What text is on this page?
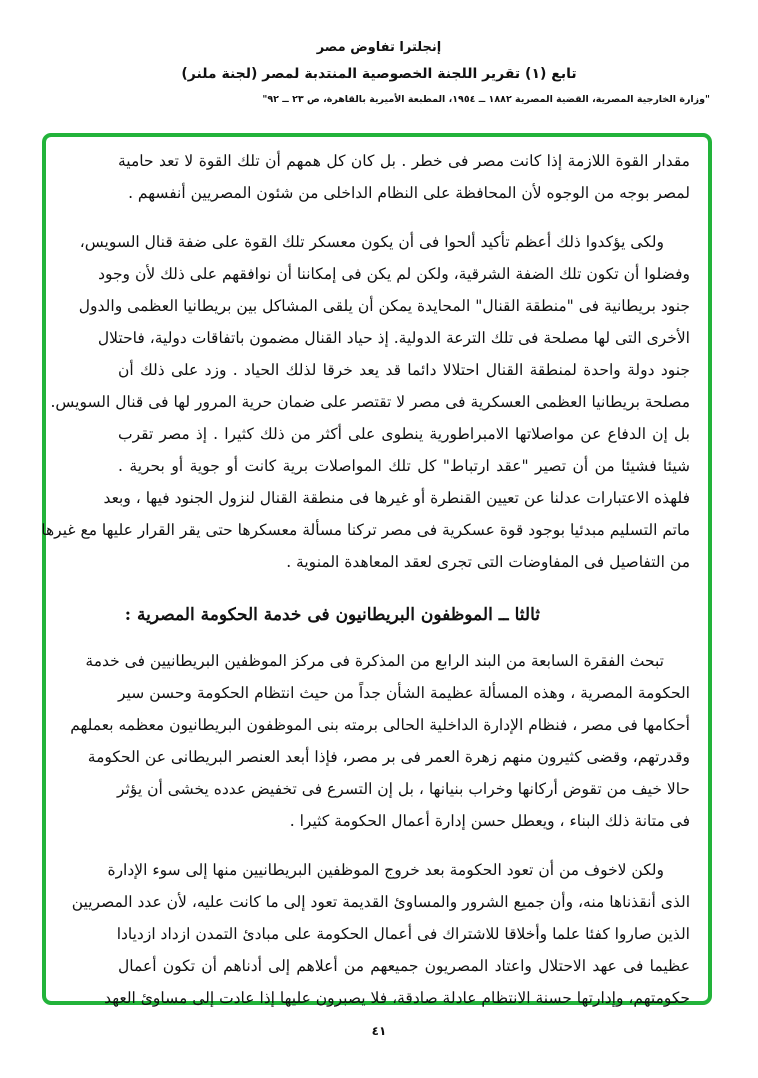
إنجلترا تفاوض مصر
تابع (١) تقرير اللجنة الخصوصية المنتدبة لمصر (لجنة ملنر)
"وزارة الخارجية المصرية، القضية المصرية ١٨٨٢ ــ ١٩٥٤، المطبعة الأميرية بالقاهرة، ص ٢٣ ــ ٩٢"
مقدار القوة اللازمة إذا كانت مصر فى خطر . بل كان كل همهم أن تلك القوة لا تعد حامية
لمصر بوجه من الوجوه لأن المحافظة على النظام الداخلى من شئون المصريين أنفسهم .
ولكى يؤكدوا ذلك أعظم تأكيد ألحوا فى أن يكون معسكر تلك القوة على ضفة قنال السويس،
وفضلوا أن تكون تلك الضفة الشرقية، ولكن لم يكن فى إمكاننا أن نوافقهم على ذلك لأن وجود
جنود بريطانية فى "منطقة القنال" المحايدة يمكن أن يلقى المشاكل بين بريطانيا العظمى والدول
الأخرى التى لها مصلحة فى تلك الترعة الدولية. إذ حياد القنال مضمون باتفاقات دولية، فاحتلال
جنود دولة واحدة لمنطقة القنال احتلالا دائما قد يعد خرقا لذلك الحياد . وزد على ذلك أن
مصلحة بريطانيا العظمى العسكرية فى مصر لا تقتصر على ضمان حرية المرور لها فى قنال السويس.
بل إن الدفاع عن مواصلاتها الامبراطورية ينطوى على أكثر من ذلك كثيرا . إذ مصر تقرب
شيئا فشيئا من أن تصير "عقد ارتباط" كل تلك المواصلات برية كانت أو جوية أو بحرية .
فلهذه الاعتبارات عدلنا عن تعيين القنطرة أو غيرها فى منطقة القنال لنزول الجنود فيها ، وبعد
ماتم التسليم مبدئيا بوجود قوة عسكرية فى مصر تركنا مسألة معسكرها حتى يقر القرار عليها مع غيرها
من التفاصيل فى المفاوضات التى تجرى لعقد المعاهدة المنوية .
ثالثا ــ الموظفون البريطانيون فى خدمة الحكومة المصرية :
تبحث الفقرة السابعة من البند الرابع من المذكرة فى مركز الموظفين البريطانيين فى خدمة
الحكومة المصرية ، وهذه المسألة عظيمة الشأن جداً من حيث انتظام الحكومة وحسن سير
أحكامها فى مصر ، فنظام الإدارة الداخلية الحالى برمته بنى الموظفون البريطانيون معظمه بعملهم
وقدرتهم، وقضى كثيرون منهم زهرة العمر فى بر مصر، فإذا أبعد العنصر البريطانى عن الحكومة
حالا خيف من تقوض أركانها وخراب بنيانها ، بل إن التسرع فى تخفيض عدده يخشى أن يؤثر
فى متانة ذلك البناء ، ويعطل حسن إدارة أعمال الحكومة كثيرا .
ولكن لاخوف من أن تعود الحكومة بعد خروج الموظفين البريطانيين منها إلى سوء الإدارة
الذى أنقذناها منه، وأن جميع الشرور والمساوئ القديمة تعود إلى ما كانت عليه، لأن عدد المصريين
الذين صاروا كفئا علما وأخلاقا للاشتراك فى أعمال الحكومة على مبادئ التمدن ازداد ازديادا
عظيما فى عهد الاحتلال واعتاد المصريون جميعهم من أعلاهم إلى أدناهم أن تكون أعمال
حكومتهم، وإدارتها حسنة الانتظام عادلة صادقة، فلا يصبرون عليها إذا عادت إلى مساوئ العهد
٤١
